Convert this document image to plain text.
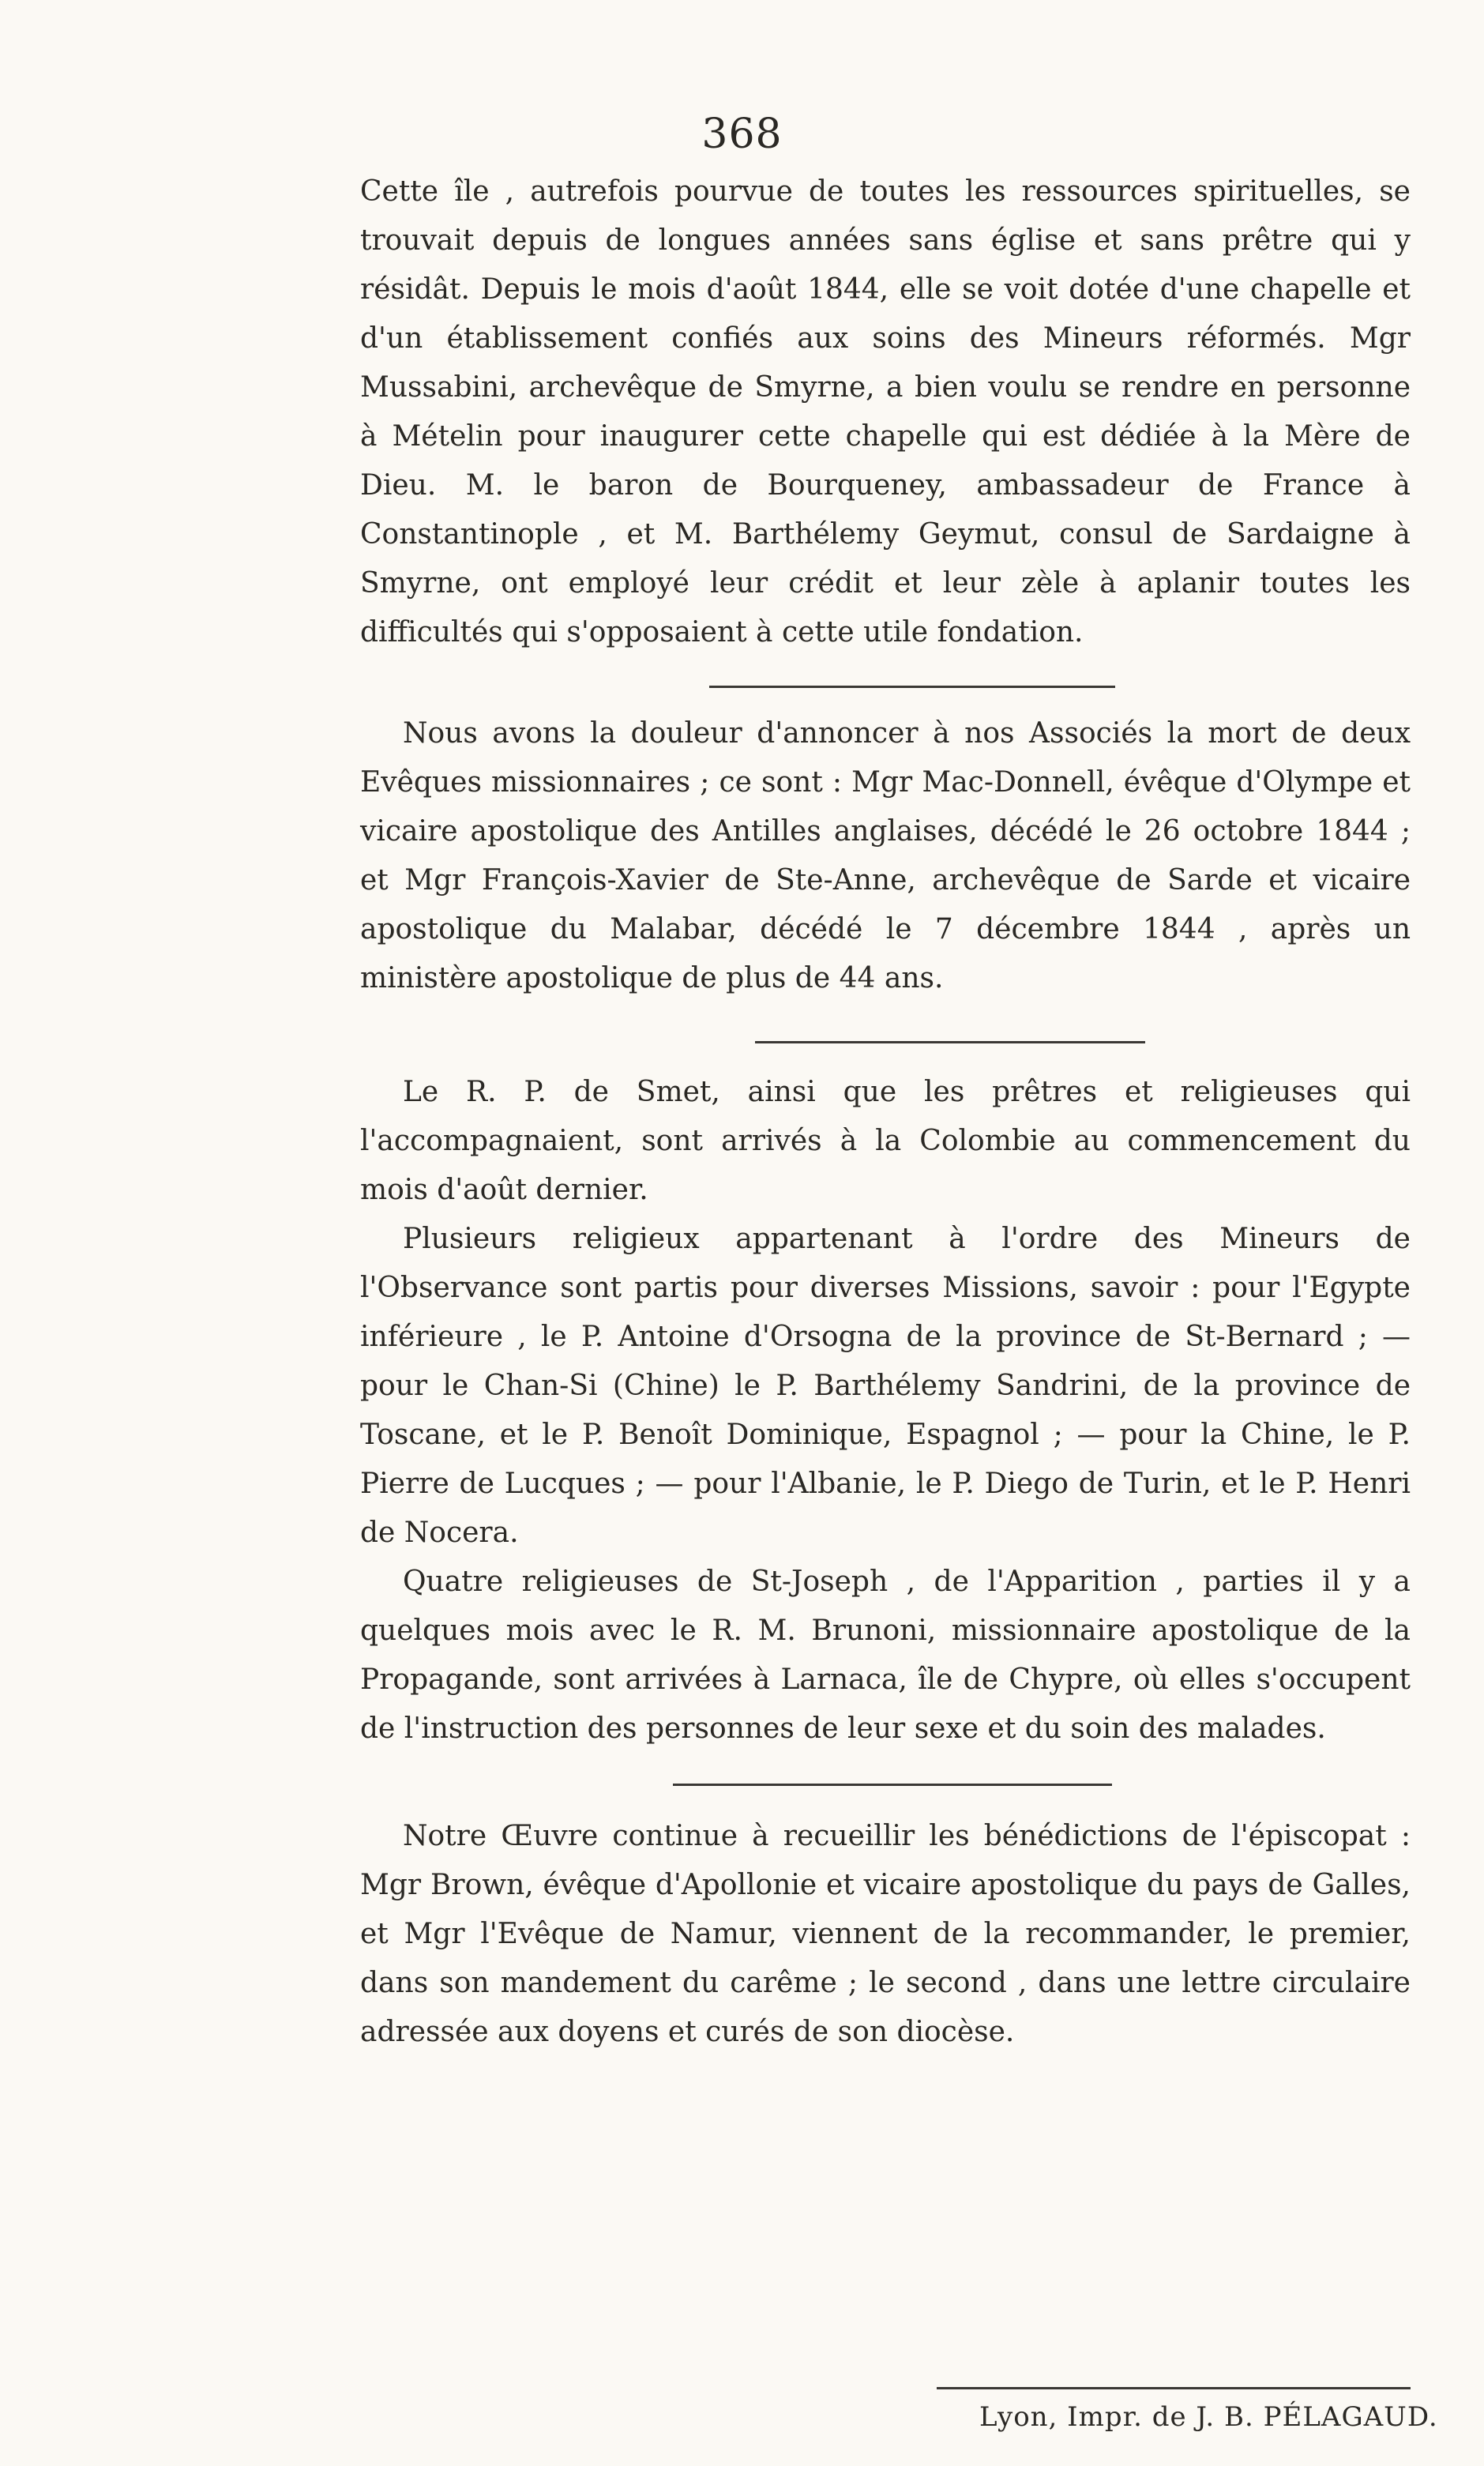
368

Cette île , autrefois pourvue de toutes les ressources spirituelles, se trouvait depuis de longues années sans église et sans prêtre qui y résidât. Depuis le mois d'août 1844, elle se voit dotée d'une chapelle et d'un établissement confiés aux soins des Mineurs réformés. Mgr Mussabini, archevêque de Smyrne, a bien voulu se rendre en personne à Mételin pour inaugurer cette chapelle qui est dédiée à la Mère de Dieu. M. le baron de Bourqueney, ambassadeur de France à Constantinople , et M. Barthélemy Geymut, consul de Sardaigne à Smyrne, ont employé leur crédit et leur zèle à aplanir toutes les difficultés qui s'opposaient à cette utile fondation.

Nous avons la douleur d'annoncer à nos Associés la mort de deux Evêques missionnaires ; ce sont : Mgr Mac-Donnell, évêque d'Olympe et vicaire apostolique des Antilles anglaises, décédé le 26 octobre 1844 ; et Mgr François-Xavier de Ste-Anne, archevêque de Sarde et vicaire apostolique du Malabar, décédé le 7 décembre 1844 , après un ministère apostolique de plus de 44 ans.

Le R. P. de Smet, ainsi que les prêtres et religieuses qui l'accompagnaient, sont arrivés à la Colombie au commencement du mois d'août dernier.

Plusieurs religieux appartenant à l'ordre des Mineurs de l'Observance sont partis pour diverses Missions, savoir : pour l'Egypte inférieure , le P. Antoine d'Orsogna de la province de St-Bernard ; — pour le Chan-Si (Chine) le P. Barthélemy Sandrini, de la province de Toscane, et le P. Benoît Dominique, Espagnol ; — pour la Chine, le P. Pierre de Lucques ; — pour l'Albanie, le P. Diego de Turin, et le P. Henri de Nocera.

Quatre religieuses de St-Joseph , de l'Apparition , parties il y a quelques mois avec le R. M. Brunoni, missionnaire apostolique de la Propagande, sont arrivées à Larnaca, île de Chypre, où elles s'occupent de l'instruction des personnes de leur sexe et du soin des malades.

Notre Œuvre continue à recueillir les bénédictions de l'épiscopat : Mgr Brown, évêque d'Apollonie et vicaire apostolique du pays de Galles, et Mgr l'Evêque de Namur, viennent de la recommander, le premier, dans son mandement du carême ; le second , dans une lettre circulaire adressée aux doyens et curés de son diocèse.

Lyon, Impr. de J. B. PÉLAGAUD.
